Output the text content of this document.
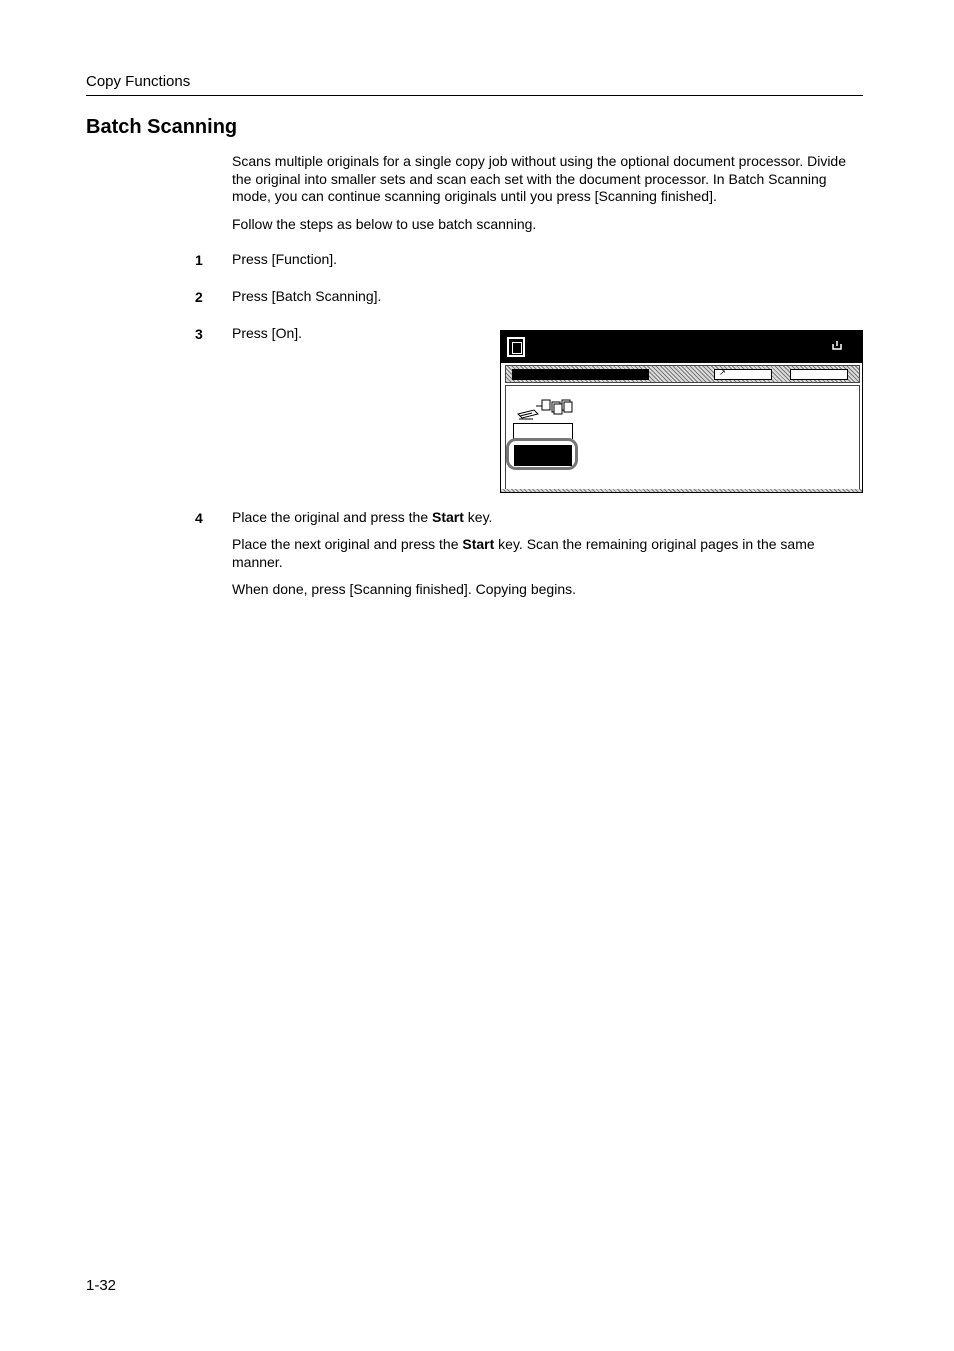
Copy Functions
Batch Scanning
Scans multiple originals for a single copy job without using the optional document processor. Divide the original into smaller sets and scan each set with the document processor. In Batch Scanning mode, you can continue scanning originals until you press [Scanning finished].
Follow the steps as below to use batch scanning.
1 Press [Function].
2 Press [Batch Scanning].
3 Press [On].
↗
4 Place the original and press the Start key.
Place the next original and press the Start key. Scan the remaining original pages in the same manner.
When done, press [Scanning finished]. Copying begins.
1-32
